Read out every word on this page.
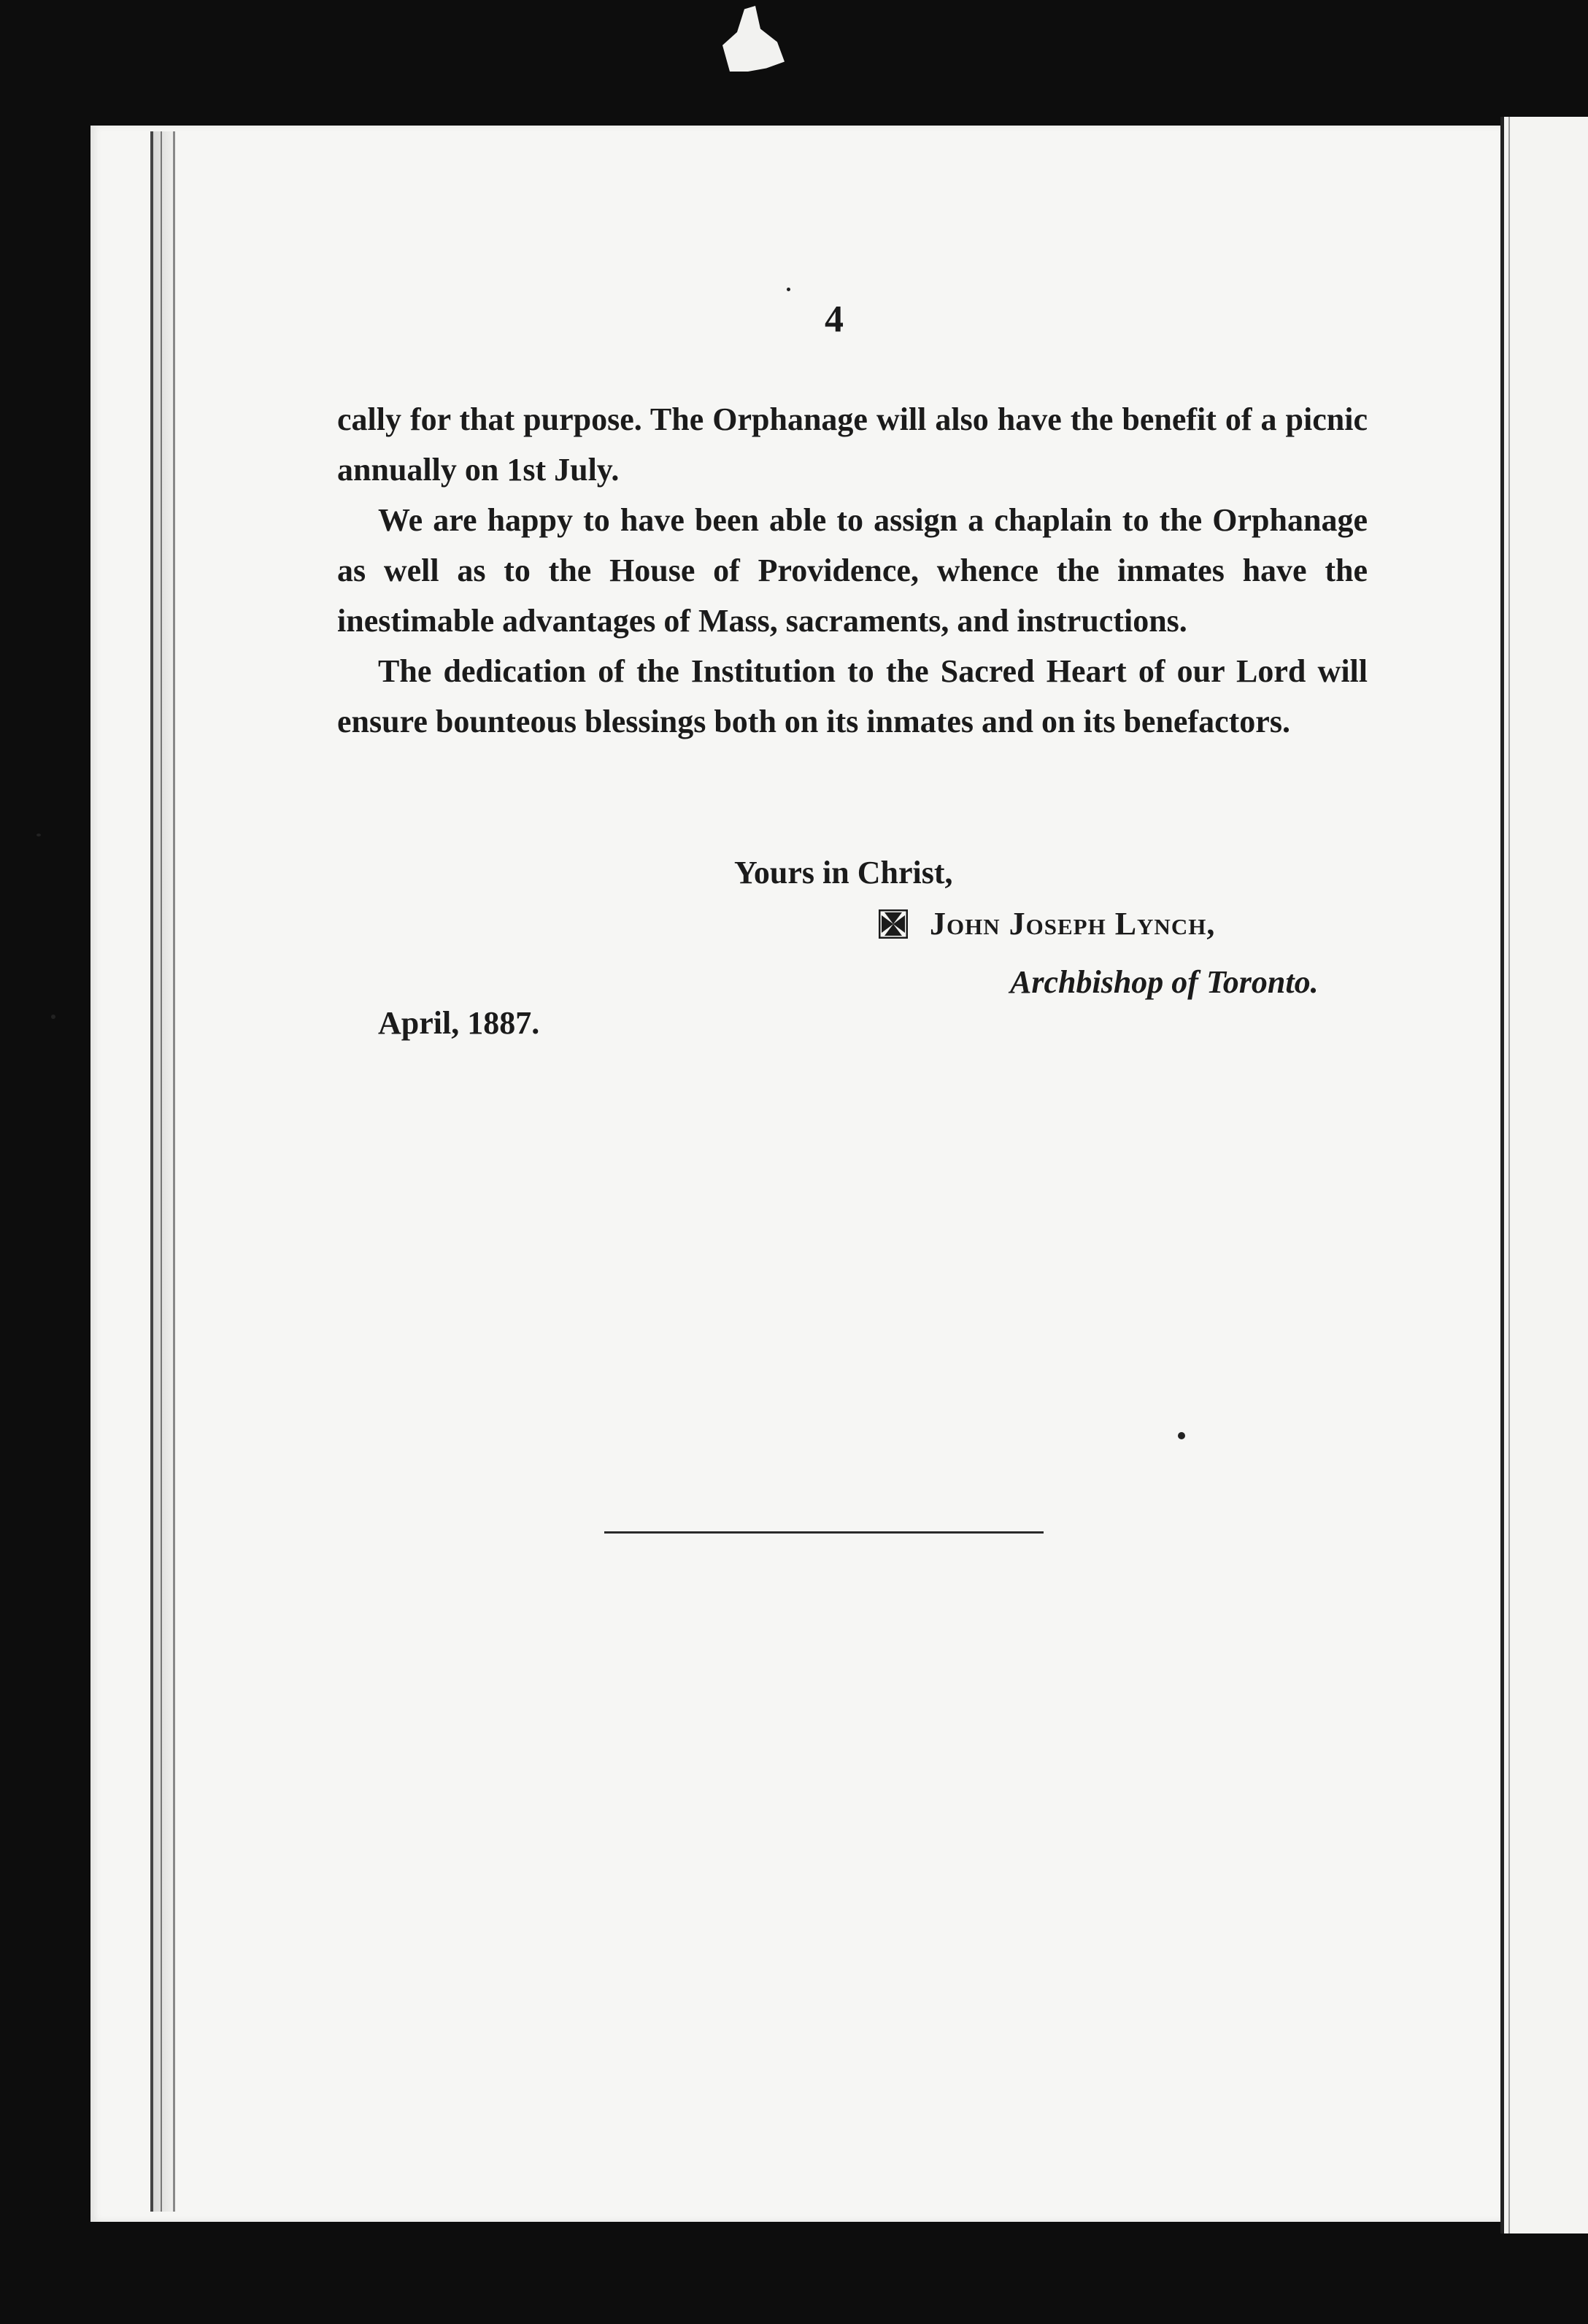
4

cally for that purpose. The Orphanage will also have the benefit of a picnic annually on 1st July.

We are happy to have been able to assign a chaplain to the Orphanage as well as to the House of Providence, whence the inmates have the inestimable advantages of Mass, sacraments, and instructions.

The dedication of the Institution to the Sacred Heart of our Lord will ensure bounteous blessings both on its inmates and on its benefactors.

Yours in Christ,
John Joseph Lynch,
Archbishop of Toronto.
April, 1887.
